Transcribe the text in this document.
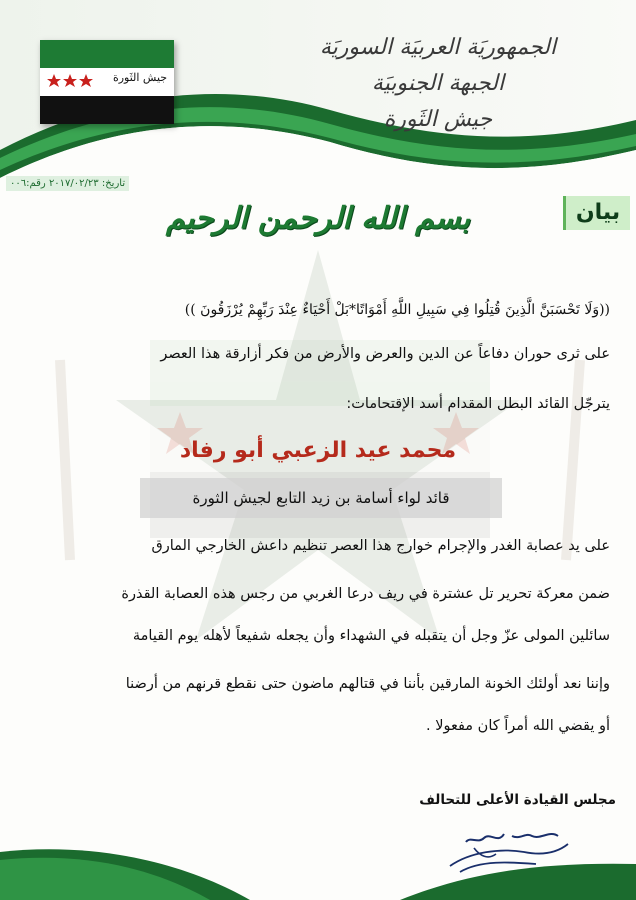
جيش الثَورة
الجمهوريَة العربيَة السوريَة
الجبهة الجنوبيَة
جيش الثَورة
تاريخ: ٢٠١٧/٠٢/٢٣ رقم:٠٠٦
بيان
بسم الله الرحمن الرحيم
((وَلَا تَحْسَبَنَّ الَّذِينَ قُتِلُوا فِي سَبِيلِ اللَّهِ أَمْوَاتًا*بَلْ أَحْيَاءٌ عِنْدَ رَبِّهِمْ يُرْزَقُونَ ))
على ثرى حوران دفاعاً عن الدين والعرض والأرض من فكر أزارقة هذا العصر
يترجّل القائد البطل المقدام أسد الإقتحامات:
محمد عيد الزعبي أبو رفاد
قائد لواء أسامة بن زيد التابع لجيش الثورة
على يد عصابة الغدر والإجرام خوارج هذا العصر تنظيم داعش الخارجي المارق
ضمن معركة تحرير تل عشترة في ريف درعا الغربي من رجس هذه العصابة القذرة
سائلين المولى عزّ وجل أن يتقبله في الشهداء وأن يجعله شفيعاً لأهله يوم القيامة
وإننا نعد أولئك الخونة المارقين بأننا في قتالهم ماضون حتى نقطع قرنهم من أرضنا
أو يقضي الله أمراً كان مفعولا .
مجلس القيادة الأعلى للتحالف
